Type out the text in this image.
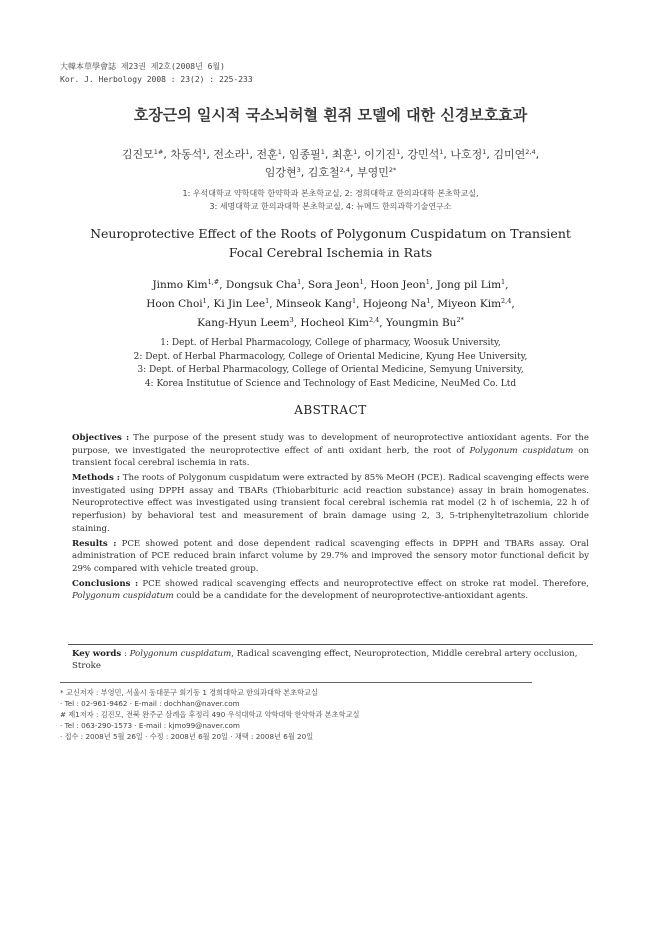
大韓本草學會誌 제23권 제2호(2008년 6월)
Kor. J. Herbology 2008 : 23(2) : 225-233
호장근의 일시적 국소뇌허혈 흰쥐 모델에 대한 신경보호효과
김진모$^{1\#}$, 차동석$^1$, 전소라$^1$, 전훈$^1$, 임종필$^1$, 최훈$^1$, 이기진$^1$, 강민석$^1$, 나호정$^1$, 김미연$^{2,4}$,
임강현$^3$, 김호철$^{2,4}$, 부영민$^{2*}$
1: 우석대학교 약학대학 한약학과 본초학교실, 2: 경희대학교 한의과대학 본초학교실,
3: 세명대학교 한의과대학 본초학교실, 4: 뉴메드 한의과학기술연구소
Neuroprotective Effect of the Roots of Polygonum Cuspidatum on Transient
Focal Cerebral Ischemia in Rats
Jinmo Kim$^{1,\#}$, Dongsuk Cha$^1$, Sora Jeon$^1$, Hoon Jeon$^1$, Jong pil Lim$^1$,
Hoon Choi$^1$, Ki Jin Lee$^1$, Minseok Kang$^1$, Hojeong Na$^1$, Miyeon Kim$^{2,4}$,
Kang-Hyun Leem$^3$, Hocheol Kim$^{2,4}$, Youngmin $Bu^{2*}$
1: Dept. of Herbal Pharmacology, College of pharmacy, Woosuk University,
2: Dept. of Herbal Pharmacology, College of Oriental Medicine, Kyung Hee University,
3: Dept. of Herbal Pharmacology, College of Oriental Medicine, Semyung University,
4: Korea Institutue of Science and Technology of East Medicine, NeuMed Co. Ltd
ABSTRACT

Objectives : The purpose of the present study was to development of neuroprotective antioxidant agents. For the purpose, we investigated the neuroprotective effect of anti oxidant herb, the root of Polygonum cuspidatum on transient focal cerebral ischemia in rats.

Methods : The roots of Polygonum cuspidatum were extracted by 85% MeOH (PCE). Radical scavenging effects were investigated using DPPH assay and TBARs (Thiobarbituric acid reaction substance) assay in brain homogenates. Neuroprotective effect was investigated using transient focal cerebral ischemia rat model (2 h of ischemia, 22 h of reperfusion) by behavioral test and measurement of brain damage using 2, 3, 5-triphenyltetrazolium chloride staining.

Results : PCE showed potent and dose dependent radical scavenging effects in DPPH and TBARs assay. Oral administration of PCE reduced brain infarct volume by 29.7% and improved the sensory motor functional deficit by 29% compared with vehicle treated group.

Conclusions : PCE showed radical scavenging effects and neuroprotective effect on stroke rat model. Therefore, Polygonum cuspidatum could be a candidate for the development of neuroprotective-antioxidant agents.

Key words : Polygonum cuspidatum, Radical scavenging effect, Neuroprotection, Middle cerebral artery occlusion, Stroke
* 교신저자 : 부영민, 서울시 동대문구 회기동 1 경희대학교 한의과대학 본초학교실
· Tel : 02-961-9462 · E-mail : dochhan@naver.com
# 제1저자 : 김진모, 전북 완주군 삼례읍 후정리 490 우석대학교 약학대학 한약학과 본초학교실
· Tel : 063-290-1573 · E-mail : kjmo99@naver.com
· 접수 : 2008년 5월 26일 · 수정 : 2008년 6월 20일 · 채택 : 2008년 6월 20일
